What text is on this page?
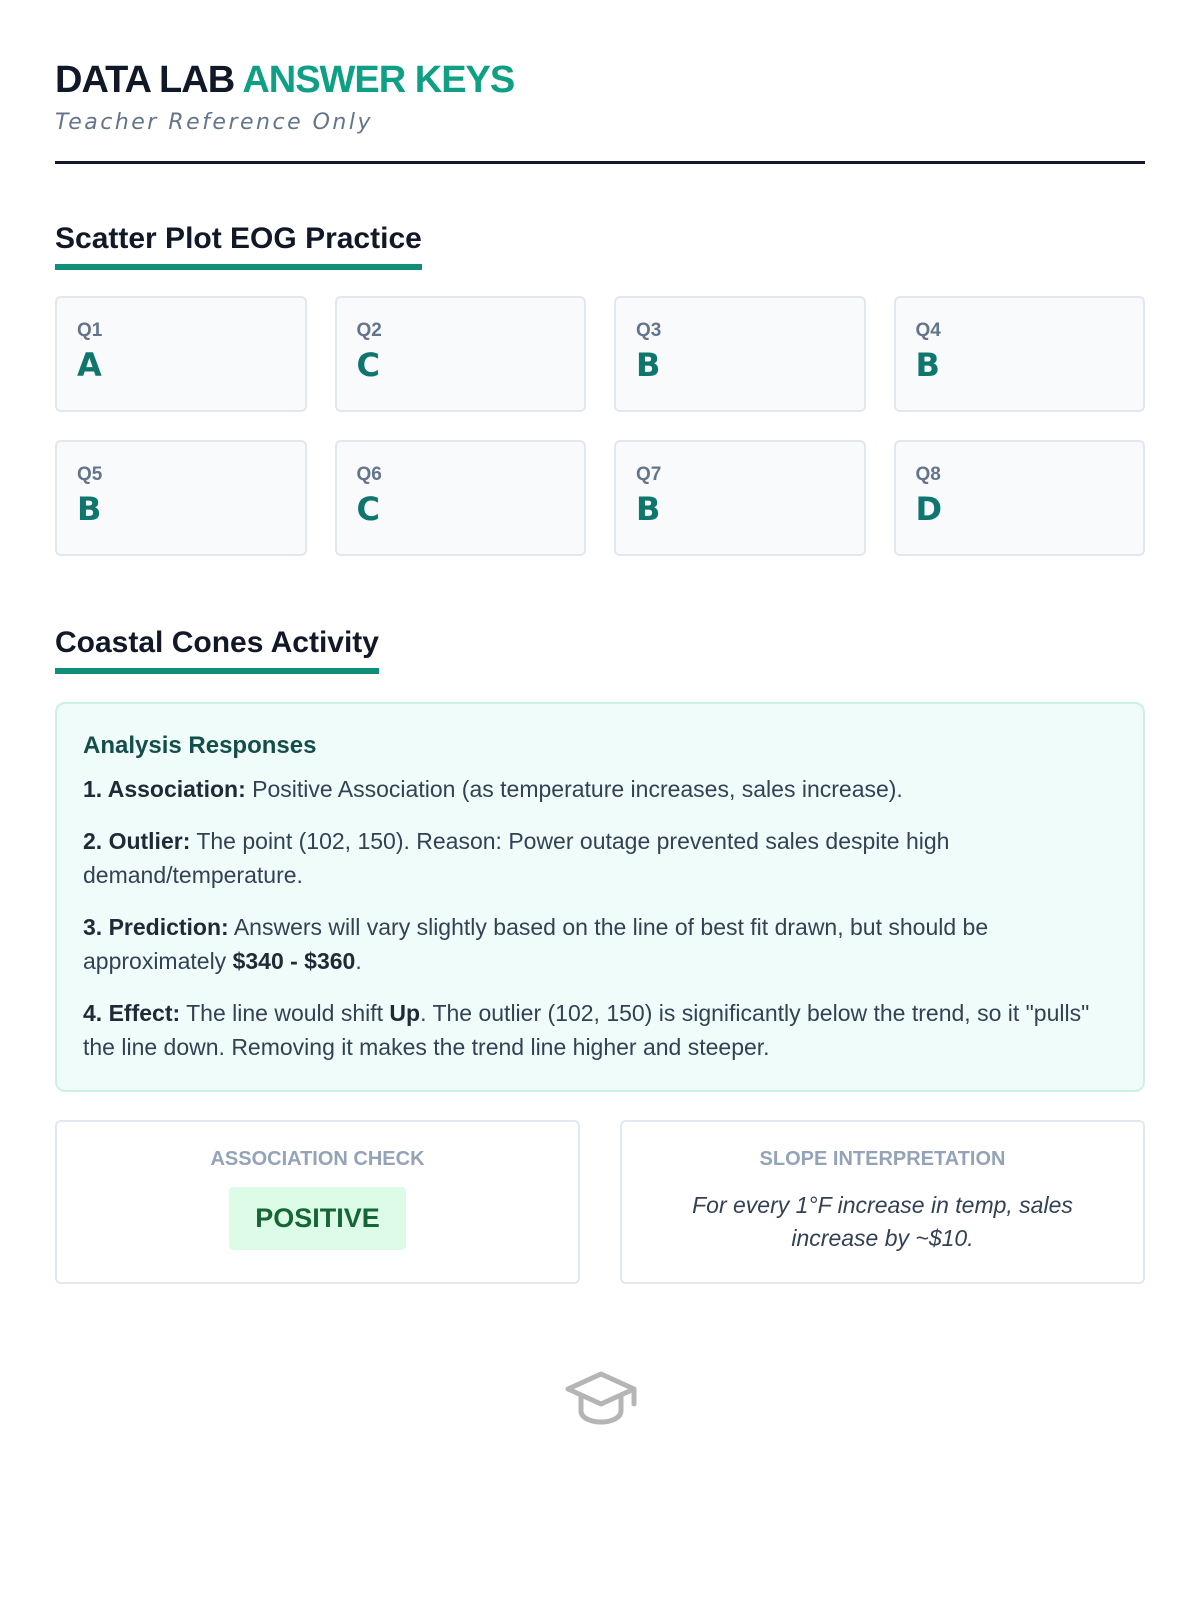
DATA LAB ANSWER KEYS
Teacher Reference Only
Scatter Plot EOG Practice
Q1
A
Q2
C
Q3
B
Q4
B
Q5
B
Q6
C
Q7
B
Q8
D
Coastal Cones Activity
Analysis Responses

1. Association: Positive Association (as temperature increases, sales increase).

2. Outlier: The point (102, 150). Reason: Power outage prevented sales despite high demand/temperature.

3. Prediction: Answers will vary slightly based on the line of best fit drawn, but should be approximately $340 - $360.

4. Effect: The line would shift Up. The outlier (102, 150) is significantly below the trend, so it "pulls" the line down. Removing it makes the trend line higher and steeper.

ASSOCIATION CHECK
POSITIVE
SLOPE INTERPRETATION
For every 1°F increase in temp, sales increase by ~$10.
